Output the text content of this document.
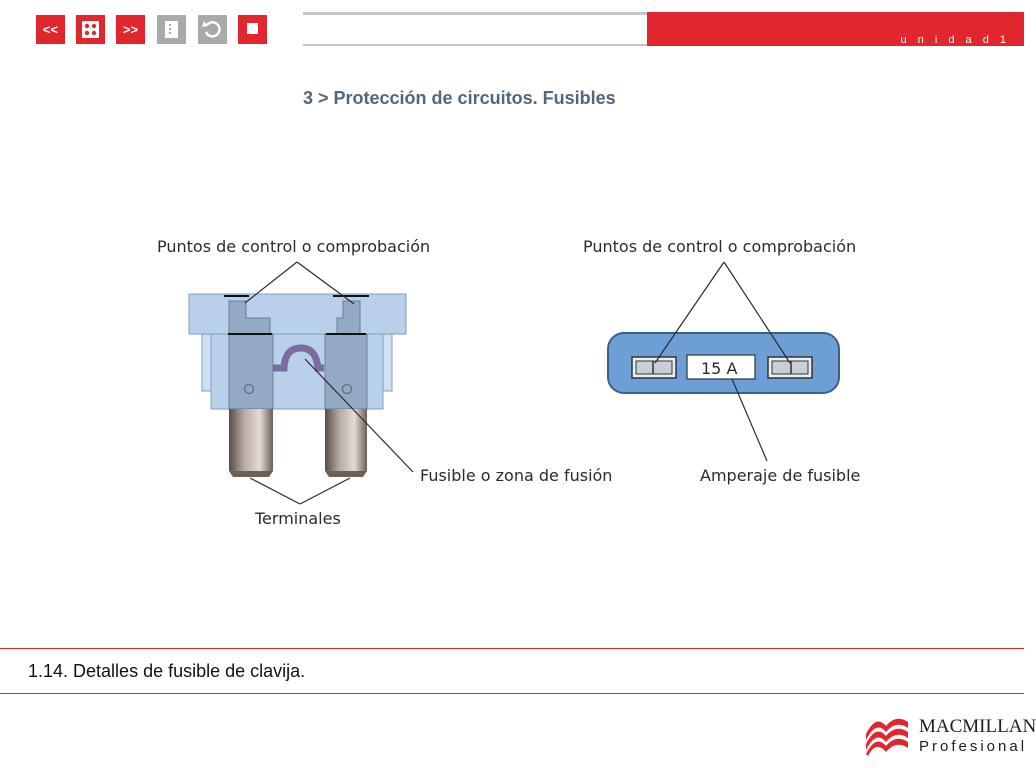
<<	>>
u n i d a d 1
3 > Protección de circuitos. Fusibles
15 A
Puntos de control o comprobación	Puntos de control o comprobación
Fusible o zona de fusión
Terminales
Amperaje de fusible
1.14. Detalles de fusible de clavija.
MACMILLAN
Profesional
